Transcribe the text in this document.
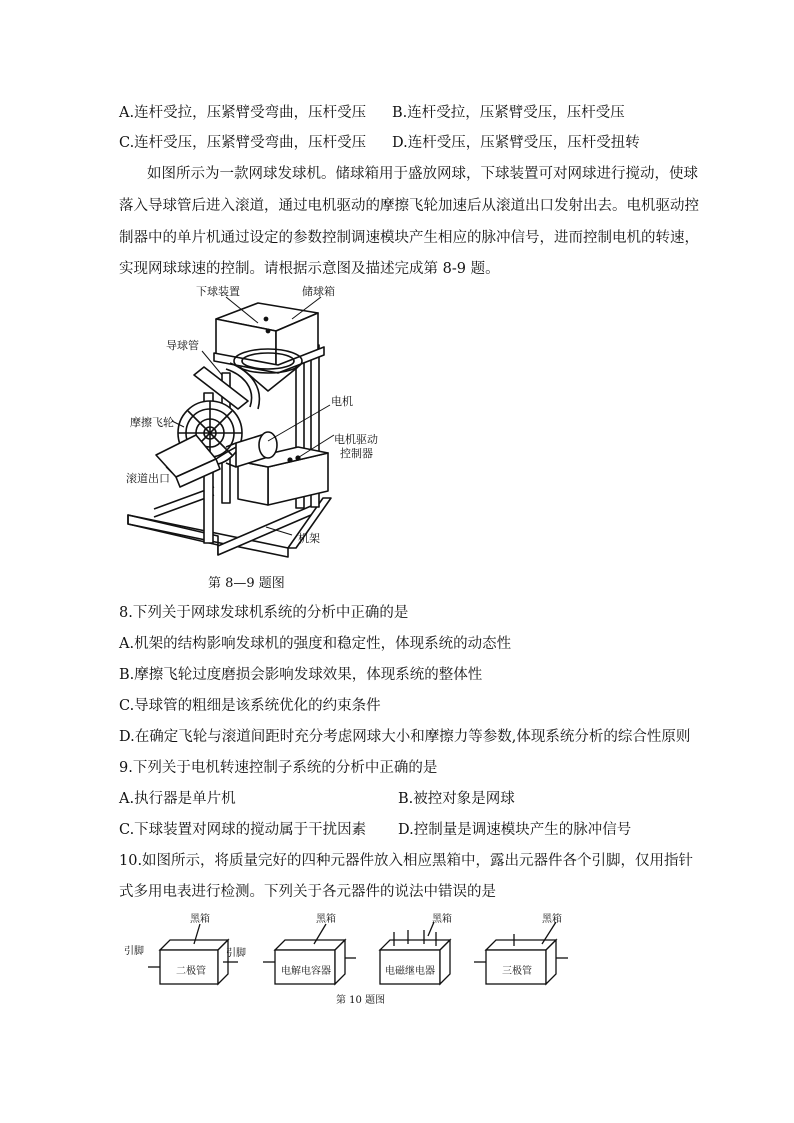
A.连杆受拉，压紧臂受弯曲，压杆受压 B.连杆受拉，压紧臂受压，压杆受压
C.连杆受压，压紧臂受弯曲，压杆受压 D.连杆受压，压紧臂受压，压杆受扭转
如图所示为一款网球发球机。储球箱用于盛放网球，下球装置可对网球进行搅动，使球
落入导球管后进入滚道，通过电机驱动的摩擦飞轮加速后从滚道出口发射出去。电机驱动控
制器中的单片机通过设定的参数控制调速模块产生相应的脉冲信号，进而控制电机的转速，
实现网球球速的控制。请根据示意图及描述完成第 8-9 题。
下球装置	储球箱
导球管
电机
摩擦飞轮
电机驱动
控制器
滚道出口
机架
第 8—9 题图
8.下列关于网球发球机系统的分析中正确的是
A.机架的结构影响发球机的强度和稳定性，体现系统的动态性
B.摩擦飞轮过度磨损会影响发球效果，体现系统的整体性
C.导球管的粗细是该系统优化的约束条件
D.在确定飞轮与滚道间距时充分考虑网球大小和摩擦力等参数,体现系统分析的综合性原则
9.下列关于电机转速控制子系统的分析中正确的是
A.执行器是单片机	B.被控对象是网球
C.下球装置对网球的搅动属于干扰因素 D.控制量是调速模块产生的脉冲信号
10.如图所示，将质量完好的四种元器件放入相应黑箱中，露出元器件各个引脚，仅用指针
式多用电表进行检测。下列关于各元器件的说法中错误的是
黑箱	黑箱	黑箱	黑箱
引脚	引脚
二极管	电解电容器	电磁继电器	三极管
第 10 题图
